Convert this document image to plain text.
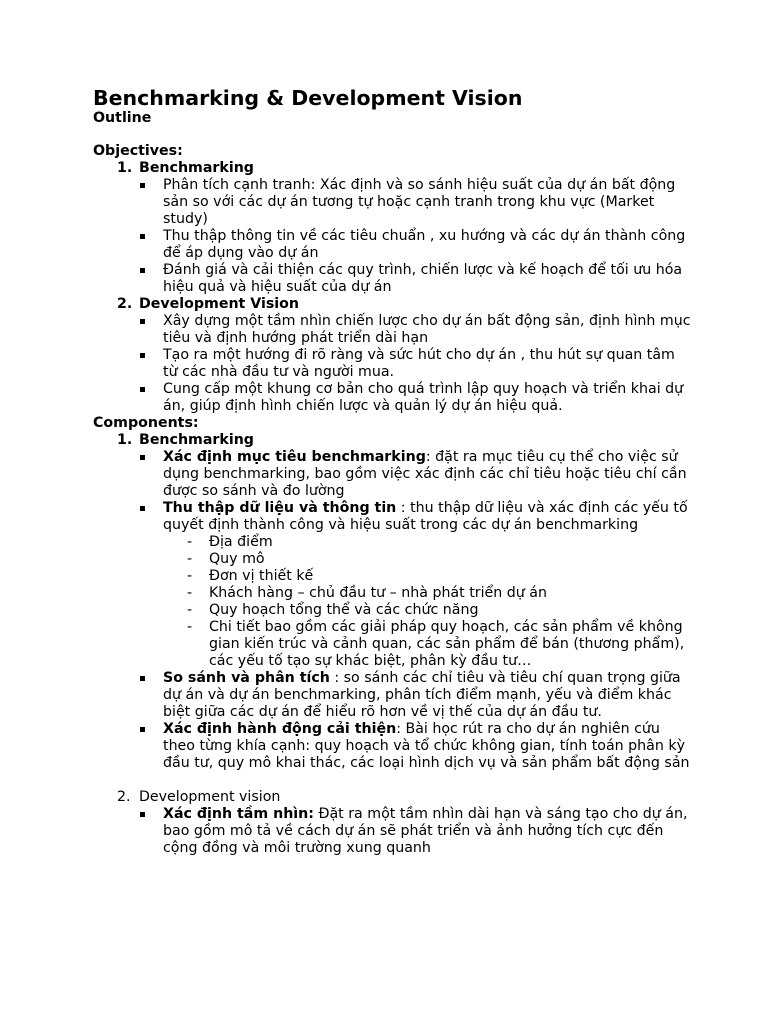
Benchmarking & Development Vision
Outline
Objectives:
1. Benchmarking
Phân tích cạnh tranh: Xác định và so sánh hiệu suất của dự án bất động sản so với các dự án tương tự hoặc cạnh tranh trong khu vực (Market study)
Thu thập thông tin về các tiêu chuẩn , xu hướng và các dự án thành công để áp dụng vào dự án
Đánh giá và cải thiện các quy trình, chiến lược và kế hoạch để tối ưu hóa hiệu quả và hiệu suất của dự án
2. Development Vision
Xây dựng một tầm nhìn chiến lược cho dự án bất động sản, định hình mục tiêu và định hướng phát triển dài hạn
Tạo ra một hướng đi rõ ràng và sức hút cho dự án , thu hút sự quan tâm từ các nhà đầu tư và người mua.
Cung cấp một khung cơ bản cho quá trình lập quy hoạch và triển khai dự án, giúp định hình chiến lược và quản lý dự án hiệu quả.
Components:
1. Benchmarking
Xác định mục tiêu benchmarking: đặt ra mục tiêu cụ thể cho việc sử dụng benchmarking, bao gồm việc xác định các chỉ tiêu hoặc tiêu chí cần được so sánh và đo lường
Thu thập dữ liệu và thông tin : thu thập dữ liệu và xác định các yếu tố quyết định thành công và hiệu suất trong các dự án benchmarking
- Địa điểm
- Quy mô
- Đơn vị thiết kế
- Khách hàng – chủ đầu tư – nhà phát triển dự án
- Quy hoạch tổng thể và các chức năng
- Chi tiết bao gồm các giải pháp quy hoạch, các sản phẩm về không gian kiến trúc và cảnh quan, các sản phẩm để bán (thương phẩm), các yếu tố tạo sự khác biệt, phân kỳ đầu tư…
So sánh và phân tích : so sánh các chỉ tiêu và tiêu chí quan trọng giữa dự án và dự án benchmarking, phân tích điểm mạnh, yếu và điểm khác biệt giữa các dự án để hiểu rõ hơn về vị thế của dự án đầu tư.
Xác định hành động cải thiện: Bài học rút ra cho dự án nghiên cứu theo từng khía cạnh: quy hoạch và tổ chức không gian, tính toán phân kỳ đầu tư, quy mô khai thác, các loại hình dịch vụ và sản phẩm bất động sản
2. Development vision
Xác định tầm nhìn: Đặt ra một tầm nhìn dài hạn và sáng tạo cho dự án, bao gồm mô tả về cách dự án sẽ phát triển và ảnh hưởng tích cực đến cộng đồng và môi trường xung quanh
